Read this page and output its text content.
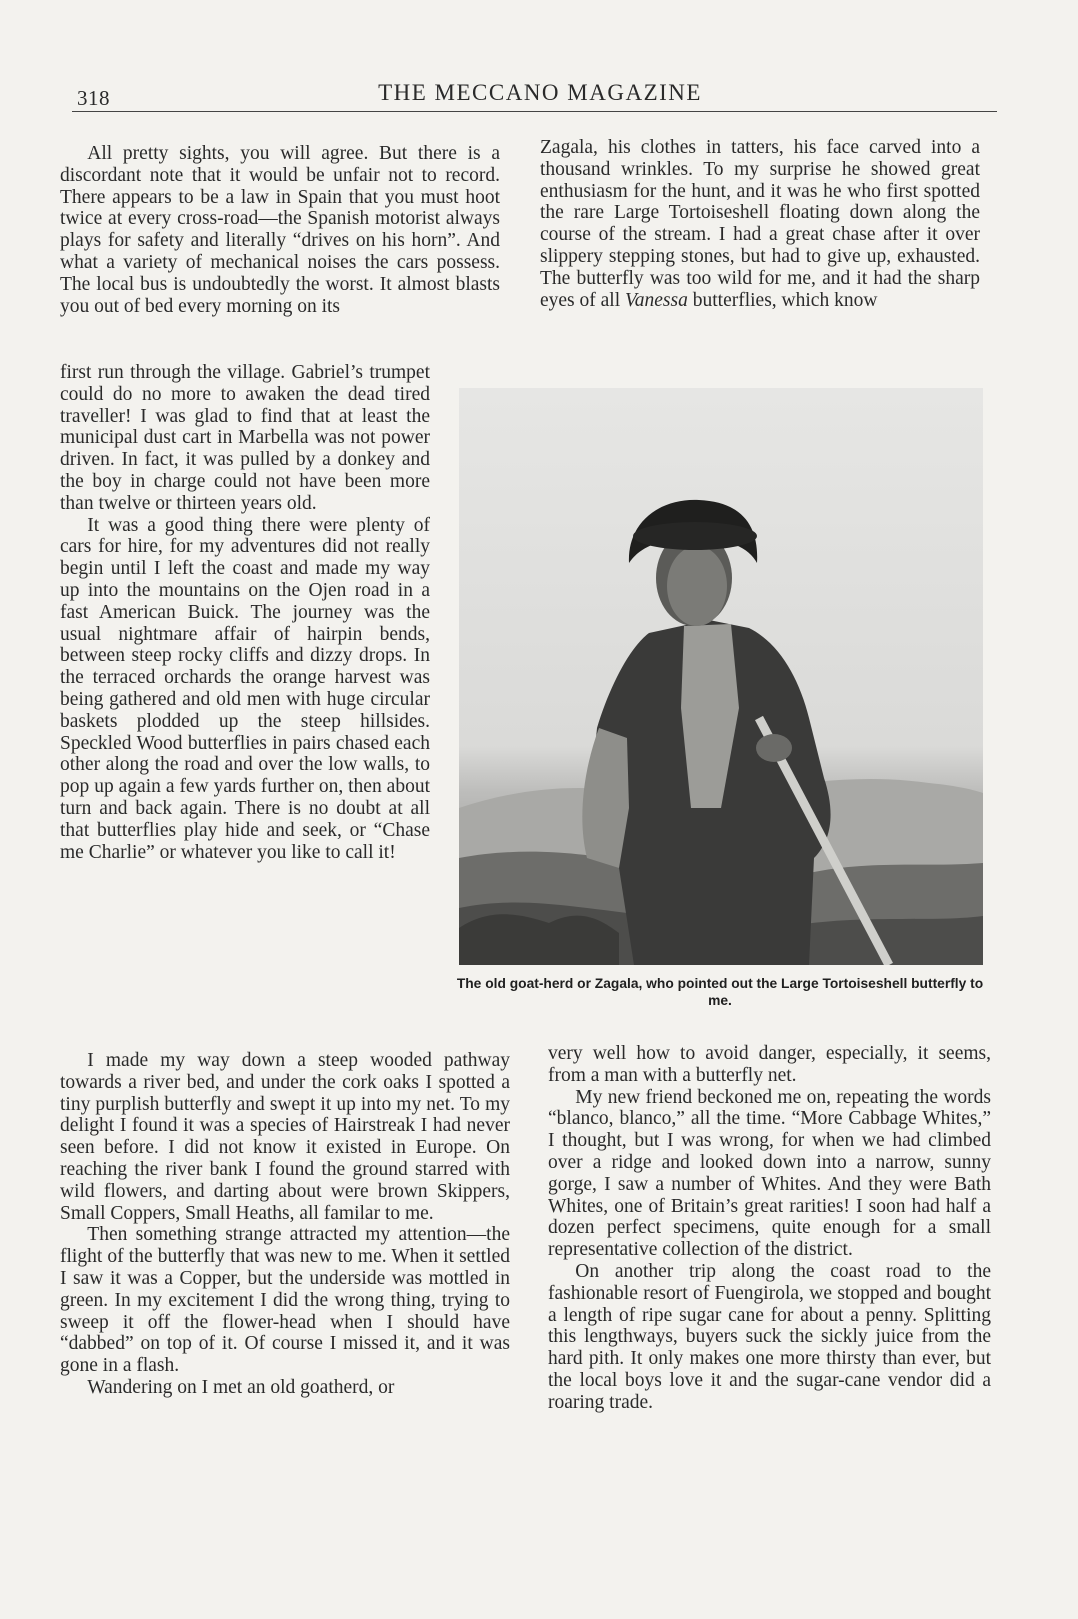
318	THE MECCANO MAGAZINE

All pretty sights, you will agree. But there is a discordant note that it would be unfair not to record. There appears to be a law in Spain that you must hoot twice at every cross-road—the Spanish motorist always plays for safety and literally “drives on his horn”. And what a variety of mechanical noises the cars possess. The local bus is undoubtedly the worst. It almost blasts you out of bed every morning on its

first run through the village. Gabriel’s trumpet could do no more to awaken the dead tired traveller! I was glad to find that at least the municipal dust cart in Marbella was not power driven. In fact, it was pulled by a donkey and the boy in charge could not have been more than twelve or thirteen years old.

It was a good thing there were plenty of cars for hire, for my adventures did not really begin until I left the coast and made my way up into the mountains on the Ojen road in a fast American Buick. The journey was the usual nightmare affair of hairpin bends, between steep rocky cliffs and dizzy drops. In the terraced orchards the orange harvest was being gathered and old men with huge circular baskets plodded up the steep hillsides. Speckled Wood butterflies in pairs chased each other along the road and over the low walls, to pop up again a few yards further on, then about turn and back again. There is no doubt at all that butterflies play hide and seek, or “Chase me Charlie” or whatever you like to call it!

I made my way down a steep wooded pathway towards a river bed, and under the cork oaks I spotted a tiny purplish butterfly and swept it up into my net. To my delight I found it was a species of Hairstreak I had never seen before. I did not know it existed in Europe. On reaching the river bank I found the ground starred with wild flowers, and darting about were brown Skippers, Small Coppers, Small Heaths, all familar to me.

Then something strange attracted my attention—the flight of the butterfly that was new to me. When it settled I saw it was a Copper, but the underside was mottled in green. In my excitement I did the wrong thing, trying to sweep it off the flower-head when I should have “dabbed” on top of it. Of course I missed it, and it was gone in a flash.

Wandering on I met an old goatherd, or

Zagala, his clothes in tatters, his face carved into a thousand wrinkles. To my surprise he showed great enthusiasm for the hunt, and it was he who first spotted the rare Large Tortoiseshell floating down along the course of the stream. I had a great chase after it over slippery stepping stones, but had to give up, exhausted. The butterfly was too wild for me, and it had the sharp eyes of all Vanessa butterflies, which know

The old goat-herd or Zagala, who pointed out the Large Tortoiseshell butterfly to me.

very well how to avoid danger, especially, it seems, from a man with a butterfly net.

My new friend beckoned me on, repeating the words “blanco, blanco,” all the time. “More Cabbage Whites,” I thought, but I was wrong, for when we had climbed over a ridge and looked down into a narrow, sunny gorge, I saw a number of Whites. And they were Bath Whites, one of Britain’s great rarities! I soon had half a dozen perfect specimens, quite enough for a small representative collection of the district.

On another trip along the coast road to the fashionable resort of Fuengirola, we stopped and bought a length of ripe sugar cane for about a penny. Splitting this lengthways, buyers suck the sickly juice from the hard pith. It only makes one more thirsty than ever, but the local boys love it and the sugar-cane vendor did a roaring trade.
